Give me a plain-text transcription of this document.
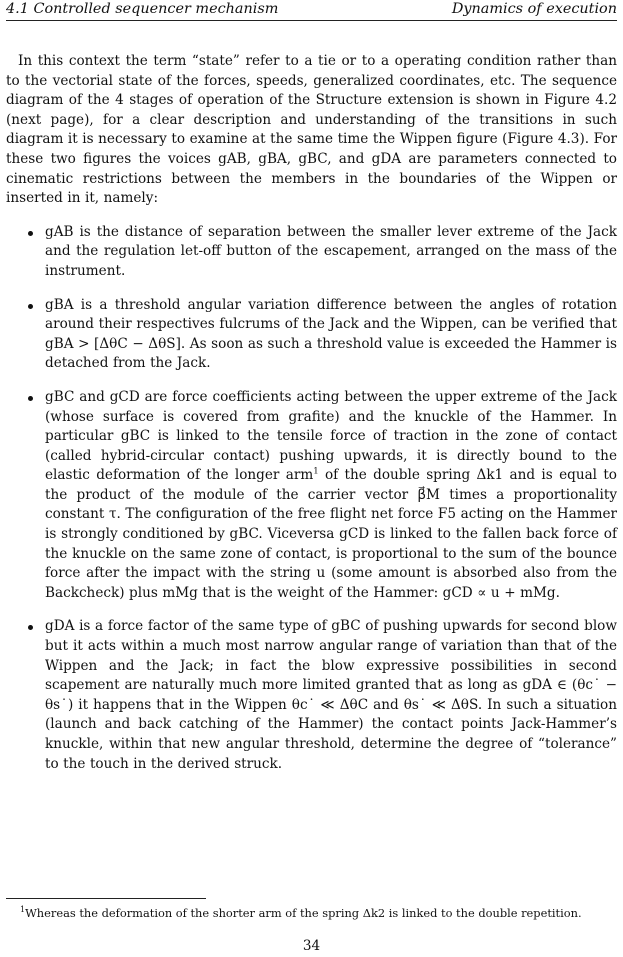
4.1 Controlled sequencer mechanism	Dynamics of execution

In this context the term “state” refer to a tie or to a operating condition rather than to the vectorial state of the forces, speeds, generalized coordinates, etc. The sequence diagram of the 4 stages of operation of the Structure extension is shown in Figure 4.2 (next page), for a clear description and understanding of the transitions in such diagram it is necessary to examine at the same time the Wippen figure (Figure 4.3). For these two figures the voices gAB, gBA, gBC, and gDA are parameters connected to cinematic restrictions between the members in the boundaries of the Wippen or inserted in it, namely:

gAB is the distance of separation between the smaller lever extreme of the Jack and the regulation let-off button of the escapement, arranged on the mass of the instrument.
gBA is a threshold angular variation difference between the angles of rotation around their respectives fulcrums of the Jack and the Wippen, can be verified that gBA > [ΔθC − ΔθS]. As soon as such a threshold value is exceeded the Hammer is detached from the Jack.
gBC and gCD are force coefficients acting between the upper extreme of the Jack (whose surface is covered from grafite) and the knuckle of the Hammer. In particular gBC is linked to the tensile force of traction in the zone of contact (called hybrid-circular contact) pushing upwards, it is directly bound to the elastic deformation of the longer arm$^1$ of the double spring Δk1 and is equal to the product of the module of the carrier vector β⃗M times a proportionality constant τ. The configuration of the free flight net force F5 acting on the Hammer is strongly conditioned by gBC. Viceversa gCD is linked to the fallen back force of the knuckle on the same zone of contact, is proportional to the sum of the bounce force after the impact with the string u (some amount is absorbed also from the Backcheck) plus mMg that is the weight of the Hammer: gCD ∝ u + mMg.
gDA is a force factor of the same type of gBC of pushing upwards for second blow but it acts within a much most narrow angular range of variation than that of the Wippen and the Jack; in fact the blow expressive possibilities in second scapement are naturally much more limited granted that as long as gDA ∈ (θc˙ − θs˙) it happens that in the Wippen θc˙ ≪ ΔθC and θs˙ ≪ ΔθS. In such a situation (launch and back catching of the Hammer) the contact points Jack-Hammer’s knuckle, within that new angular threshold, determine the degree of “tolerance” to the touch in the derived struck.
$^1$Whereas the deformation of the shorter arm of the spring Δk2 is linked to the double repetition.
34
